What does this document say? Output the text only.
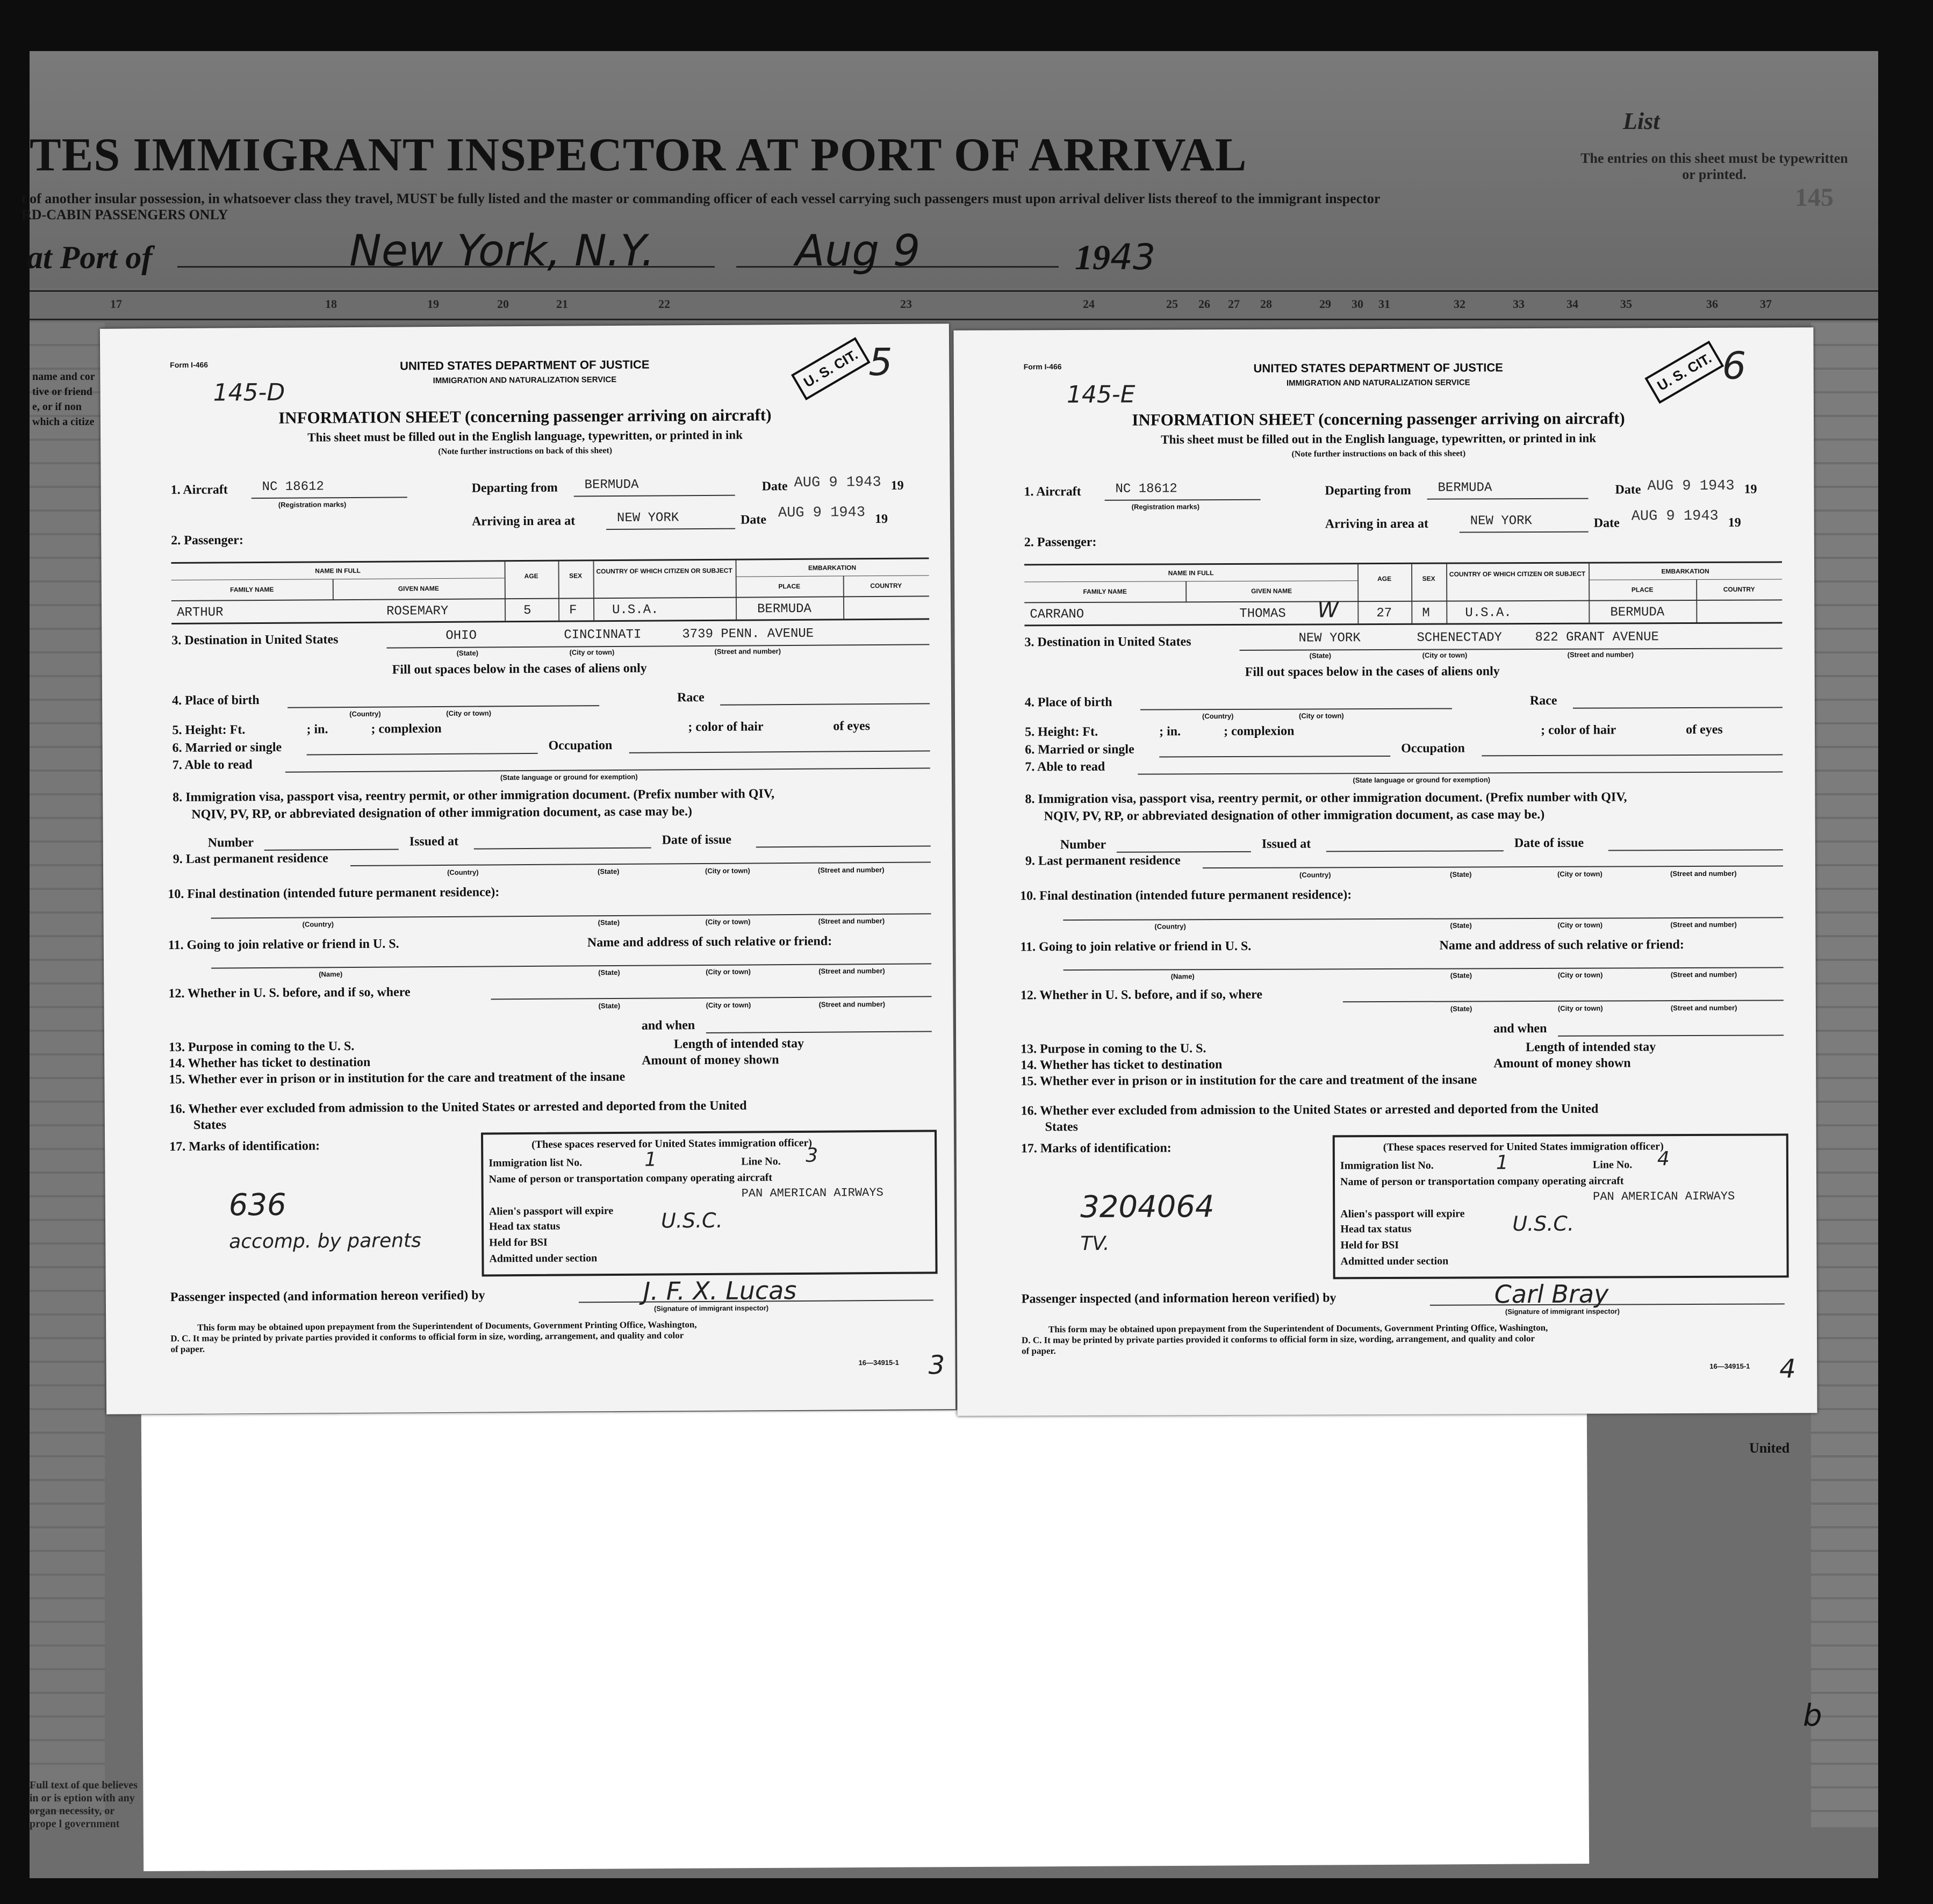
TES IMMIGRANT INSPECTOR AT PORT OF ARRIVAL
t of another insular possession, in whatsoever class they travel, MUST be fully listed and the master or commanding officer of each vessel carrying such passengers must upon arrival deliver lists thereof to the immigrant inspector
RD-CABIN PASSENGERS ONLY
List
The entries on this sheet must be typewritten or printed.
145
at Port of	New York, N.Y.	Aug 9	1943
17	18	19	20	21	22	23	24	25 26 27 28	29 30 31	32	33	34	35	36	37
name and cor
tive or friend
e, or if non
which a citize
Full text of que believes in or is eption with any organ necessity, or prope l government
United
b
Form I-466
145-D
UNITED STATES DEPARTMENT OF JUSTICE
IMMIGRATION AND NATURALIZATION SERVICE	U. S. CIT. 5
INFORMATION SHEET (concerning passenger arriving on aircraft)
This sheet must be filled out in the English language, typewritten, or printed in ink
(Note further instructions on back of this sheet)
1. Aircraft	NC 18612
(Registration marks)
Departing from BERMUDA	Date AUG 9 1943 19
Arriving in area at	NEW YORK	Date AUG 9 1943 19
2. Passenger:
NAME IN FULL
FAMILY NAME	GIVEN NAME
AGE	SEX
COUNTRY OF WHICH CITIZEN OR SUBJECT	EMBARKATION
PLACE	COUNTRY
ARTHUR	ROSEMARY	5	F	U.S.A.	BERMUDA
3. Destination in United States	OHIO	CINCINNATI	3739 PENN. AVENUE
(State)	(City or town)	(Street and number)
Fill out spaces below in the cases of aliens only
4. Place of birth
(Country)	(City or town)
Race
5. Height: Ft.	; in.	; complexion	; color of hair	of eyes
6. Married or single	Occupation
7. Able to read
(State language or ground for exemption)
8. Immigration visa, passport visa, reentry permit, or other immigration document. (Prefix number with QIV,
NQIV, PV, RP, or abbreviated designation of other immigration document, as case may be.)
Number	Issued at	Date of issue
9. Last permanent residence
(Country)	(State)	(City or town)	(Street and number)
10. Final destination (intended future permanent residence):
(Country)	(State)	(City or town)	(Street and number)
11. Going to join relative or friend in U. S.	Name and address of such relative or friend:
(Name)	(State)	(City or town)	(Street and number)
12. Whether in U. S. before, and if so, where
(State)	(City or town)	(Street and number)
and when
13. Purpose in coming to the U. S.	Length of intended stay
14. Whether has ticket to destination	Amount of money shown
15. Whether ever in prison or in institution for the care and treatment of the insane
16. Whether ever excluded from admission to the United States or arrested and deported from the United
States
17. Marks of identification:	(These spaces reserved for United States immigration officer)
Immigration list No.	1	Line No. 3
Name of person or transportation company operating aircraft
PAN AMERICAN AIRWAYS
Alien's passport will expire
Head tax status	U.S.C.
Held for BSI
Admitted under section
636
accomp. by parents
Passenger inspected (and information hereon verified) by	J. F. X. Lucas
(Signature of immigrant inspector)
This form may be obtained upon prepayment from the Superintendent of Documents, Government Printing Office, Washington,
D. C. It may be printed by private parties provided it conforms to official form in size, wording, arrangement, and quality and color
of paper.
16—34915-1 3
Form I-466
145-E
UNITED STATES DEPARTMENT OF JUSTICE
IMMIGRATION AND NATURALIZATION SERVICE	U. S. CIT. 6
INFORMATION SHEET (concerning passenger arriving on aircraft)
This sheet must be filled out in the English language, typewritten, or printed in ink
(Note further instructions on back of this sheet)
1. Aircraft	NC 18612
(Registration marks)
Departing from BERMUDA	Date AUG 9 1943 19
Arriving in area at	NEW YORK	Date AUG 9 1943 19
2. Passenger:
NAME IN FULL
FAMILY NAME	GIVEN NAME
AGE	SEX
COUNTRY OF WHICH CITIZEN OR SUBJECT	EMBARKATION
PLACE	COUNTRY
CARRANO	THOMAS W	27 M	U.S.A.	BERMUDA
3. Destination in United States	NEW YORK	SCHENECTADY	822 GRANT AVENUE
(State)	(City or town)	(Street and number)
Fill out spaces below in the cases of aliens only
4. Place of birth
(Country)	(City or town)
Race
5. Height: Ft.	; in.	; complexion	; color of hair	of eyes
6. Married or single	Occupation
7. Able to read
(State language or ground for exemption)
8. Immigration visa, passport visa, reentry permit, or other immigration document. (Prefix number with QIV,
NQIV, PV, RP, or abbreviated designation of other immigration document, as case may be.)
Number	Issued at	Date of issue
9. Last permanent residence
(Country)	(State)	(City or town)	(Street and number)
10. Final destination (intended future permanent residence):
(Country)	(State)	(City or town)	(Street and number)
11. Going to join relative or friend in U. S.	Name and address of such relative or friend:
(Name)	(State)	(City or town)	(Street and number)
12. Whether in U. S. before, and if so, where
(State)	(City or town)	(Street and number)
and when
13. Purpose in coming to the U. S.	Length of intended stay
14. Whether has ticket to destination	Amount of money shown
15. Whether ever in prison or in institution for the care and treatment of the insane
16. Whether ever excluded from admission to the United States or arrested and deported from the United
States
17. Marks of identification:	(These spaces reserved for United States immigration officer)
Immigration list No.	1	Line No. 4
Name of person or transportation company operating aircraft
PAN AMERICAN AIRWAYS
Alien's passport will expire
Head tax status	U.S.C.
Held for BSI
Admitted under section
3204064
TV.
Passenger inspected (and information hereon verified) by	Carl Bray
(Signature of immigrant inspector)
This form may be obtained upon prepayment from the Superintendent of Documents, Government Printing Office, Washington,
D. C. It may be printed by private parties provided it conforms to official form in size, wording, arrangement, and quality and color
of paper.
16—34915-1 4
